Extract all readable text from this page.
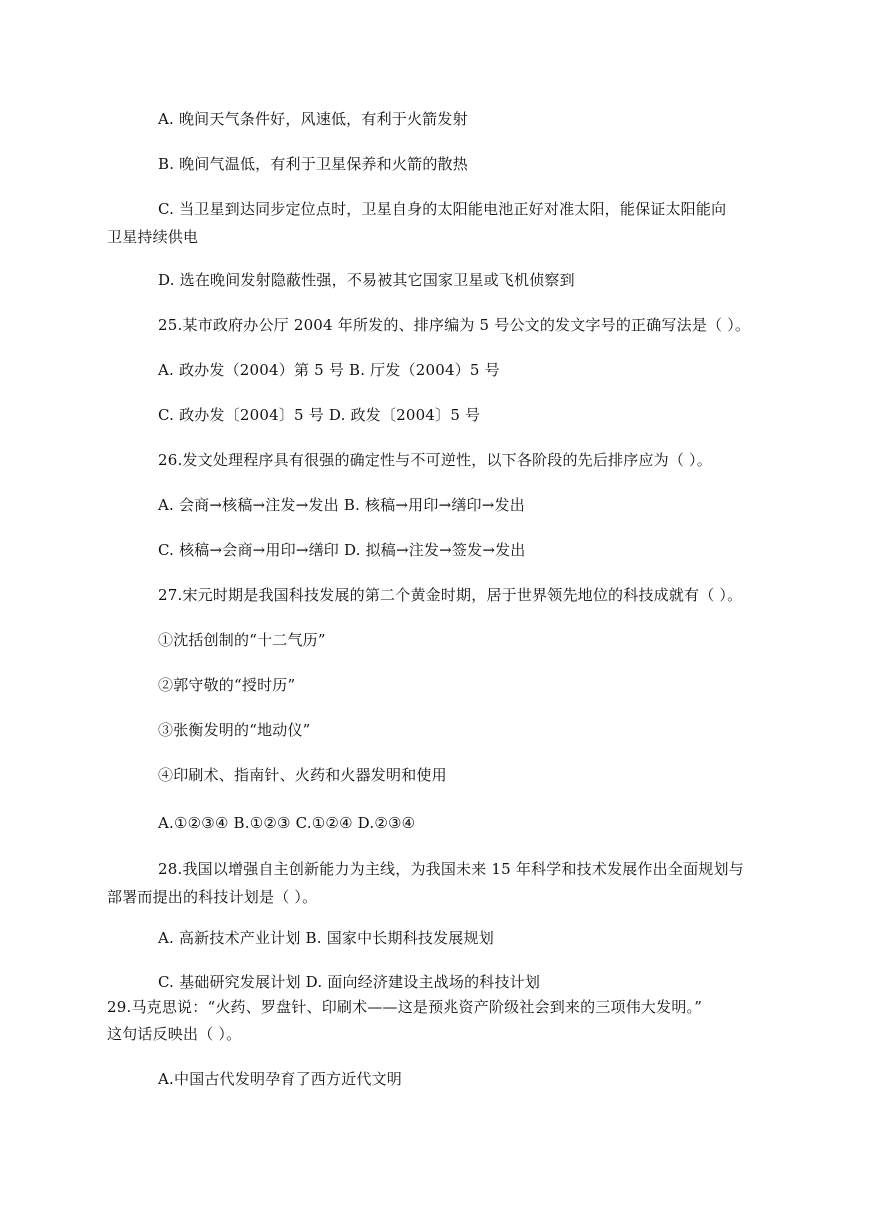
A. 晚间天气条件好，风速低，有利于火箭发射
B. 晚间气温低，有利于卫星保养和火箭的散热
C. 当卫星到达同步定位点时，卫星自身的太阳能电池正好对准太阳，能保证太阳能向
卫星持续供电
D. 选在晚间发射隐蔽性强，不易被其它国家卫星或飞机侦察到
25.某市政府办公厅 2004 年所发的、排序编为 5 号公文的发文字号的正确写法是（ ）。
A. 政办发（2004）第 5 号 B. 厅发（2004）5 号
C. 政办发〔2004〕5 号 D. 政发〔2004〕5 号
26.发文处理程序具有很强的确定性与不可逆性，以下各阶段的先后排序应为（ ）。
A. 会商→核稿→注发→发出 B. 核稿→用印→缮印→发出
C. 核稿→会商→用印→缮印 D. 拟稿→注发→签发→发出
27.宋元时期是我国科技发展的第二个黄金时期，居于世界领先地位的科技成就有（ ）。
①沈括创制的“十二气历”
②郭守敬的“授时历”
③张衡发明的“地动仪”
④印刷术、指南针、火药和火器发明和使用
A.①②③④ B.①②③ C.①②④ D.②③④
28.我国以增强自主创新能力为主线，为我国未来 15 年科学和技术发展作出全面规划与
部署而提出的科技计划是（ ）。
A. 高新技术产业计划 B. 国家中长期科技发展规划
C. 基础研究发展计划 D. 面向经济建设主战场的科技计划
29.马克思说：“火药、罗盘针、印刷术——这是预兆资产阶级社会到来的三项伟大发明。”
这句话反映出（ ）。
A.中国古代发明孕育了西方近代文明
